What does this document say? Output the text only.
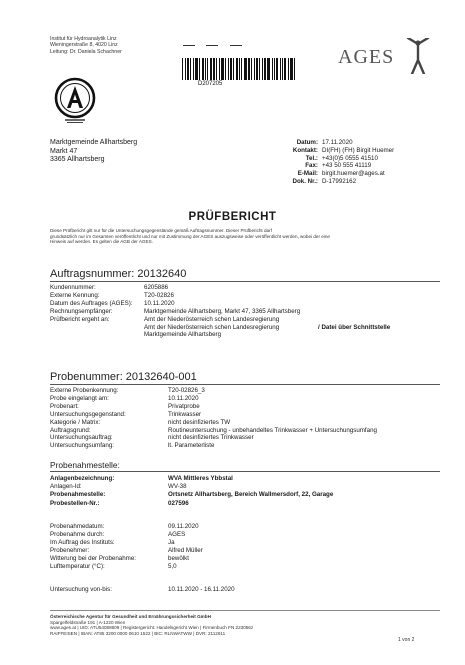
Institut für Hydroanalytik Linz
Wieningerstraße 8, 4020 Linz
Leitung: Dr. Daniela Schachner
D207205
AGES
Marktgemeinde Allhartsberg
Markt 47
3365 Allhartsberg
Datum: 17.11.2020
Kontakt: DI(FH) (FH) Birgit Huemer
Tel.: +43(0)5 0555 41510
Fax: +43 50 555 41119
E-Mail: birgit.huemer@ages.at
Dok. Nr.: D-17992162
PRÜFBERICHT
Diese Prüfbericht gilt nur für die Untersuchungsgegenstände gemäß Auftragsnummer. Dieser Prüfbericht darf
grundsätzlich nur im Gesamten veröffentlicht und nur mit Zustimmung der AGES auszugsweise oder veröffentlicht werden, wobei der eine
Hinweis auf werden. Es gelten die AGB der AGES.
Auftragsnummer: 20132640
Kundennummer:	6205886
Externe Kennung:	T20-02826
Datum des Auftrages (AGES): 10.11.2020
Rechnungsempfänger:	Marktgemeinde Allhartsberg, Markt 47, 3365 Allhartsberg
Prüfbericht ergeht an:	Amt der Niederösterreich schen Landesregierung
Amt der Niederösterreich schen Landesregierung	/ Datei über Schnittstelle
Marktgemeinde Allhartsberg
Probenummer: 20132640-001
Externe Probenkennung:	T20-02826_3
Probe eingelangt am:	10.11.2020
Probenart:	Privatprobe
Untersuchungsgegenstand:	Trinkwasser
Kategorie / Matrix:	nicht desinfiziertes TW
Auftragsgrund:	Routineuntersuchung - unbehandeltes Trinkwasser + Untersuchungsumfang
Untersuchungsauftrag:	nicht desinfiziertes Trinkwasser
Untersuchungsumfang:	lt. Parameterliste
Probenahmestelle:
Anlagenbezeichnung:	WVA Mittleres Ybbstal
Anlagen-Id:	WV-38
Probenahmestelle:	Ortsnetz Allhartsberg, Bereich Wallmersdorf, 22, Garage
Probestellen-Nr.:	027596
Probenahmedatum:	09.11.2020
Probenahme durch:	AGES
Im Auftrag des Instituts:	Ja
Probenehmer:	Alfred Müller
Witterung bei der Probenahme:	bewölkt
Lufttemperatur (°C):	5,0
Untersuchung von-bis:	10.11.2020 - 16.11.2020
Österreichische Agentur für Gesundheit und Ernährungssicherheit GmbH
Spargelfeldstraße 191 | A-1220 Wien
www.ages.at | UID: ATU54088609 | Registergericht: Handelsgericht Wien | Firmenbuch FN 223056z
RAIFFEISEN | IBAN: AT85 3200 0000 0610 1522 | BIC: RLNWATWW | DVR: 2112611
1 von 2
